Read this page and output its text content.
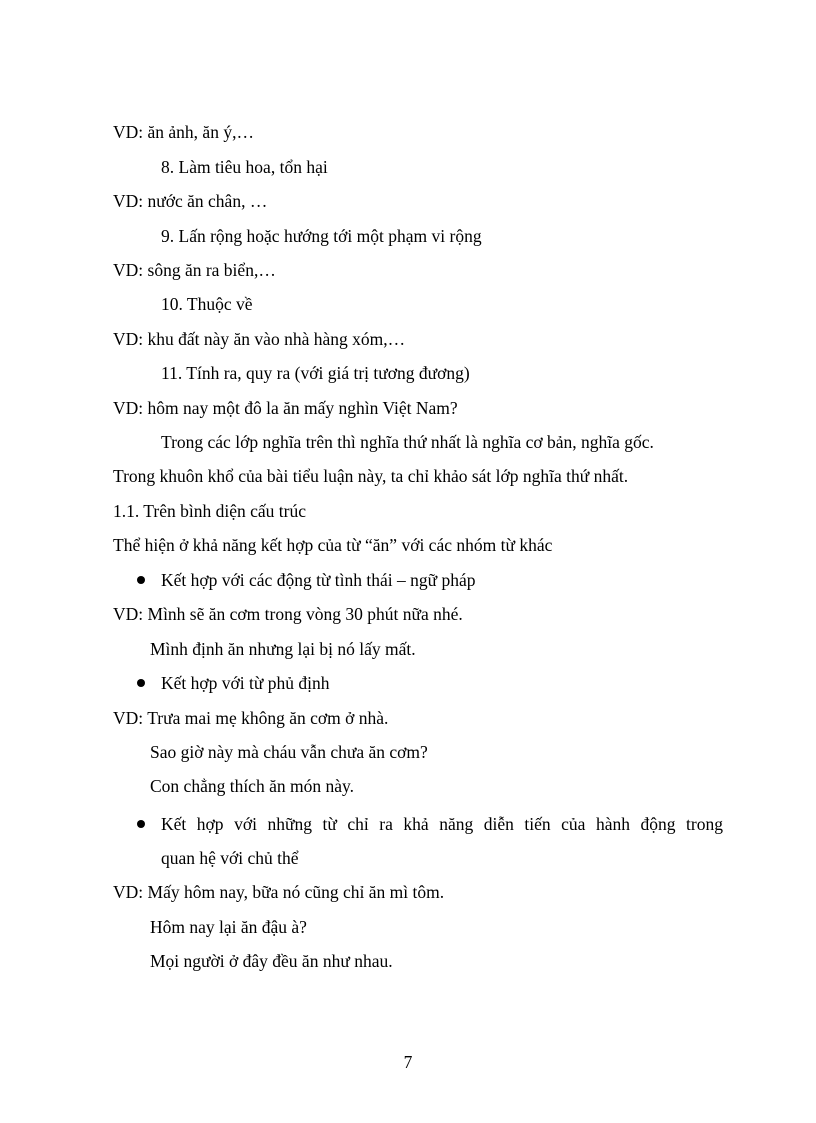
VD: ăn ảnh, ăn ý,…
8. Làm tiêu hoa, tổn hại
VD: nước ăn chân, …
9. Lấn rộng hoặc hướng tới một phạm vi rộng
VD: sông ăn ra biển,…
10. Thuộc về
VD: khu đất này ăn vào nhà hàng xóm,…
11. Tính ra, quy ra (với giá trị tương đương)
VD: hôm nay một đô la ăn mấy nghìn Việt Nam?
Trong các lớp nghĩa trên thì nghĩa thứ nhất là nghĩa cơ bản, nghĩa gốc.
Trong khuôn khổ của bài tiểu luận này, ta chỉ khảo sát lớp nghĩa thứ nhất.
1.1. Trên bình diện cấu trúc
Thể hiện ở khả năng kết hợp của từ “ăn” với các nhóm từ khác
Kết hợp với các động từ tình thái – ngữ pháp
VD: Mình sẽ ăn cơm trong vòng 30 phút nữa nhé.
Mình định ăn nhưng lại bị nó lấy mất.
Kết hợp với từ phủ định
VD: Trưa mai mẹ không ăn cơm ở nhà.
Sao giờ này mà cháu vẫn chưa ăn cơm?
Con chẳng thích ăn món này.
Kết hợp với những từ chỉ ra khả năng diễn tiến của hành động trong
quan hệ với chủ thể
VD: Mấy hôm nay, bữa nó cũng chỉ ăn mì tôm.
Hôm nay lại ăn đậu à?
Mọi người ở đây đều ăn như nhau.
7
